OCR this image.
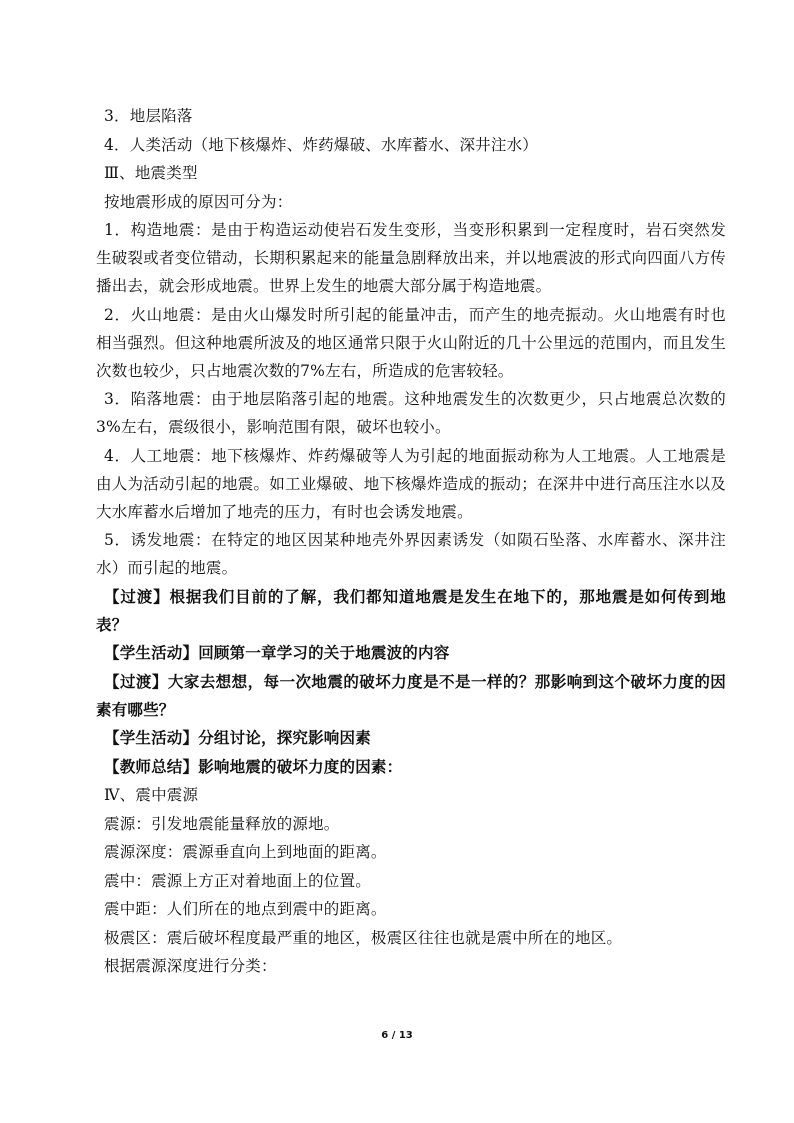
3．地层陷落

4．人类活动（地下核爆炸、炸药爆破、水库蓄水、深井注水）

Ⅲ、地震类型

按地震形成的原因可分为：

1．构造地震：是由于构造运动使岩石发生变形，当变形积累到一定程度时，岩石突然发生破裂或者变位错动，长期积累起来的能量急剧释放出来，并以地震波的形式向四面八方传播出去，就会形成地震。世界上发生的地震大部分属于构造地震。

2．火山地震：是由火山爆发时所引起的能量冲击，而产生的地壳振动。火山地震有时也相当强烈。但这种地震所波及的地区通常只限于火山附近的几十公里远的范围内，而且发生次数也较少，只占地震次数的7%左右，所造成的危害较轻。

3．陷落地震：由于地层陷落引起的地震。这种地震发生的次数更少，只占地震总次数的3%左右，震级很小，影响范围有限，破坏也较小。

4．人工地震：地下核爆炸、炸药爆破等人为引起的地面振动称为人工地震。人工地震是由人为活动引起的地震。如工业爆破、地下核爆炸造成的振动；在深井中进行高压注水以及大水库蓄水后增加了地壳的压力，有时也会诱发地震。

5．诱发地震：在特定的地区因某种地壳外界因素诱发（如陨石坠落、水库蓄水、深井注水）而引起的地震。

【过渡】根据我们目前的了解，我们都知道地震是发生在地下的，那地震是如何传到地表？

【学生活动】回顾第一章学习的关于地震波的内容

【过渡】大家去想想，每一次地震的破坏力度是不是一样的？那影响到这个破坏力度的因素有哪些？

【学生活动】分组讨论，探究影响因素

【教师总结】影响地震的破坏力度的因素：

Ⅳ、震中震源

震源：引发地震能量释放的源地。

震源深度：震源垂直向上到地面的距离。

震中：震源上方正对着地面上的位置。

震中距：人们所在的地点到震中的距离。

极震区：震后破坏程度最严重的地区，极震区往往也就是震中所在的地区。

根据震源深度进行分类：

6 / 13
